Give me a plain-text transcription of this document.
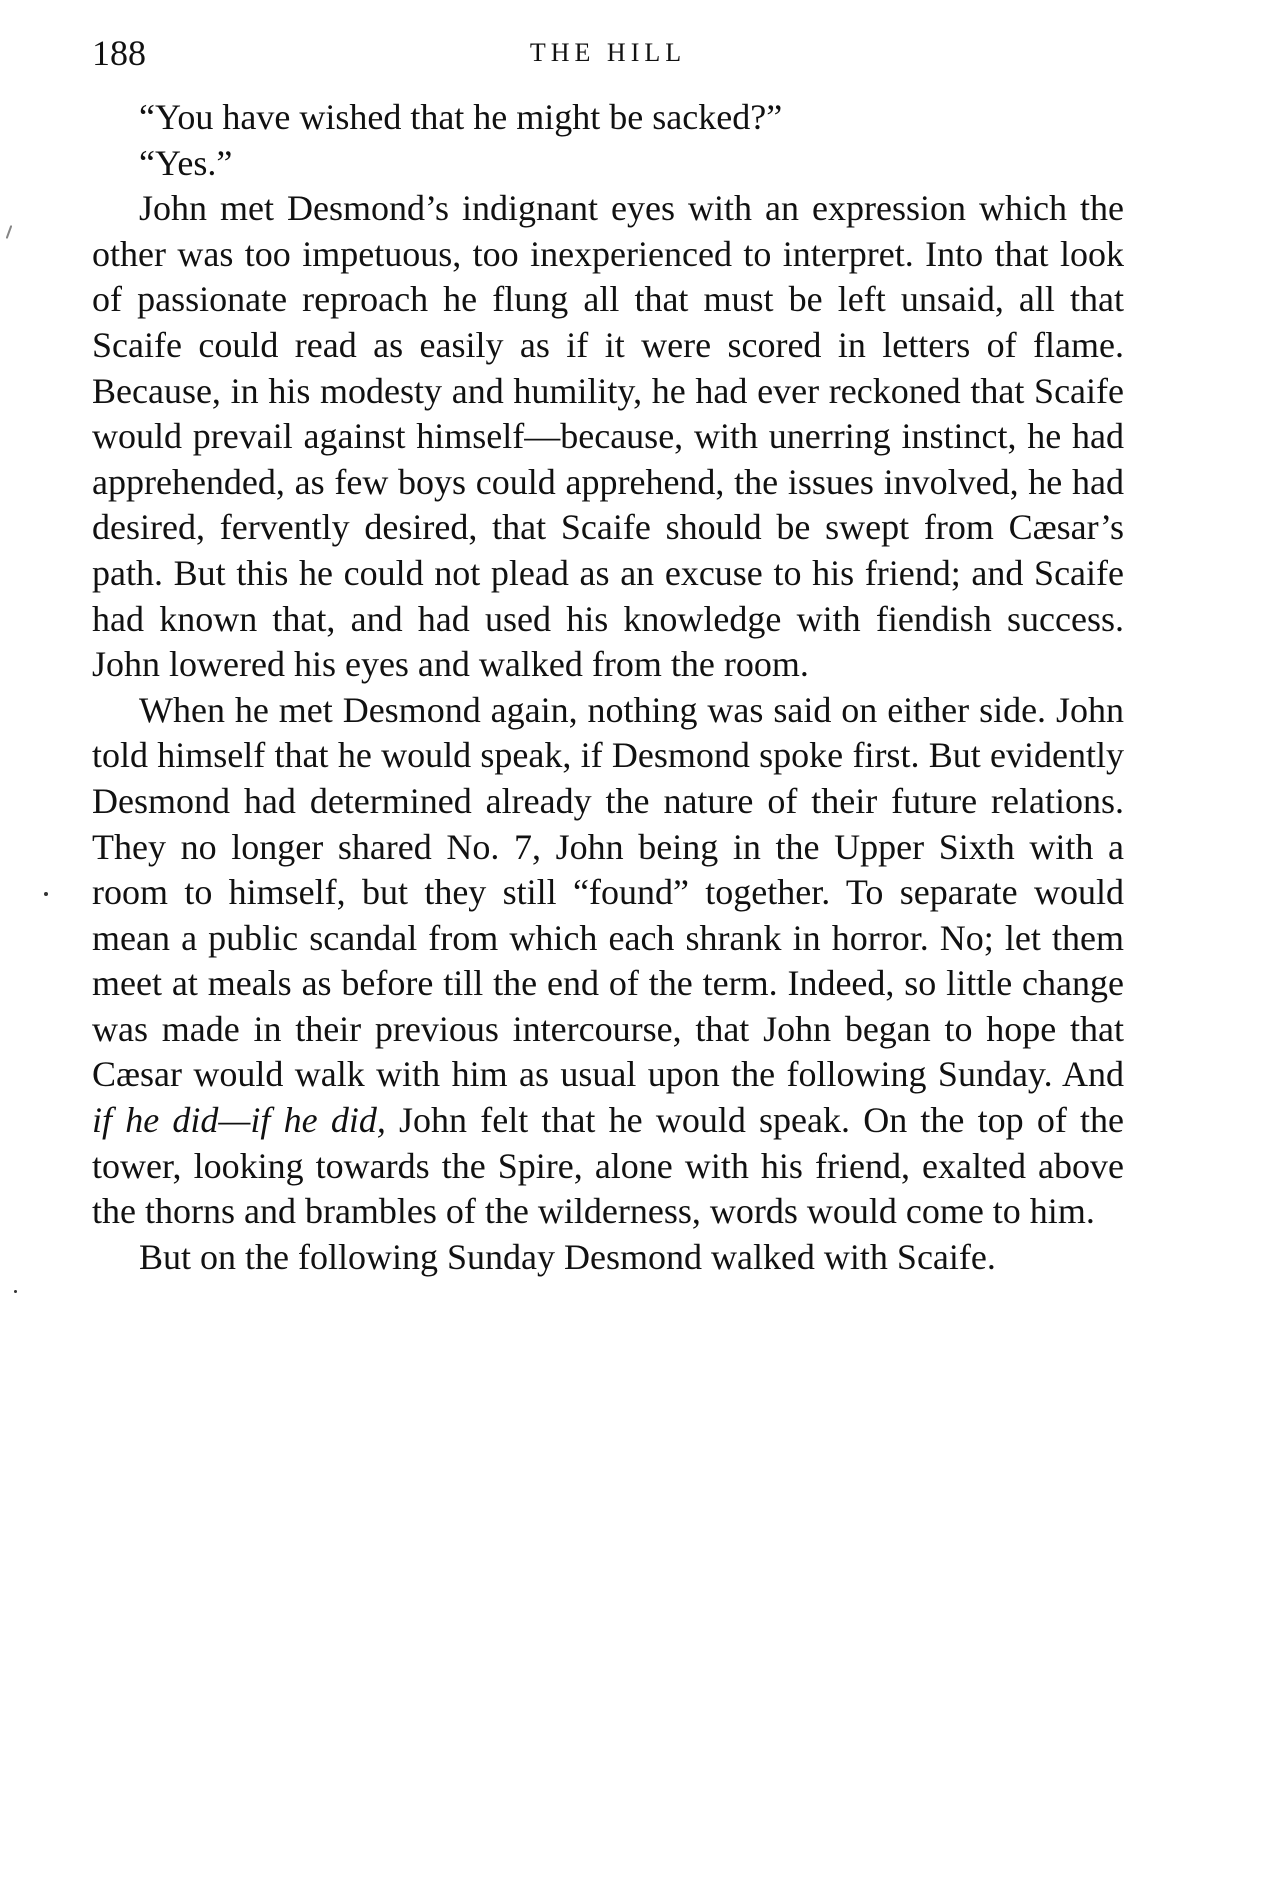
188	THE HILL

“You have wished that he might be sacked?”

“Yes.”

John met Desmond’s indignant eyes with an expression which the other was too impetuous, too inexperienced to interpret. Into that look of passionate reproach he flung all that must be left unsaid, all that Scaife could read as easily as if it were scored in letters of flame. Because, in his modesty and humility, he had ever reckoned that Scaife would prevail against himself—because, with unerring instinct, he had apprehended, as few boys could apprehend, the issues involved, he had desired, fervently desired, that Scaife should be swept from Cæsar’s path. But this he could not plead as an excuse to his friend; and Scaife had known that, and had used his knowledge with fiendish success. John lowered his eyes and walked from the room.

When he met Desmond again, nothing was said on either side. John told himself that he would speak, if Desmond spoke first. But evidently Desmond had determined already the nature of their future relations. They no longer shared No. 7, John being in the Upper Sixth with a room to himself, but they still “found” together. To separate would mean a public scandal from which each shrank in horror. No; let them meet at meals as before till the end of the term. Indeed, so little change was made in their previous intercourse, that John began to hope that Cæsar would walk with him as usual upon the following Sunday. And if he did—if he did, John felt that he would speak. On the top of the tower, looking towards the Spire, alone with his friend, exalted above the thorns and brambles of the wilderness, words would come to him.

But on the following Sunday Desmond walked with Scaife.
